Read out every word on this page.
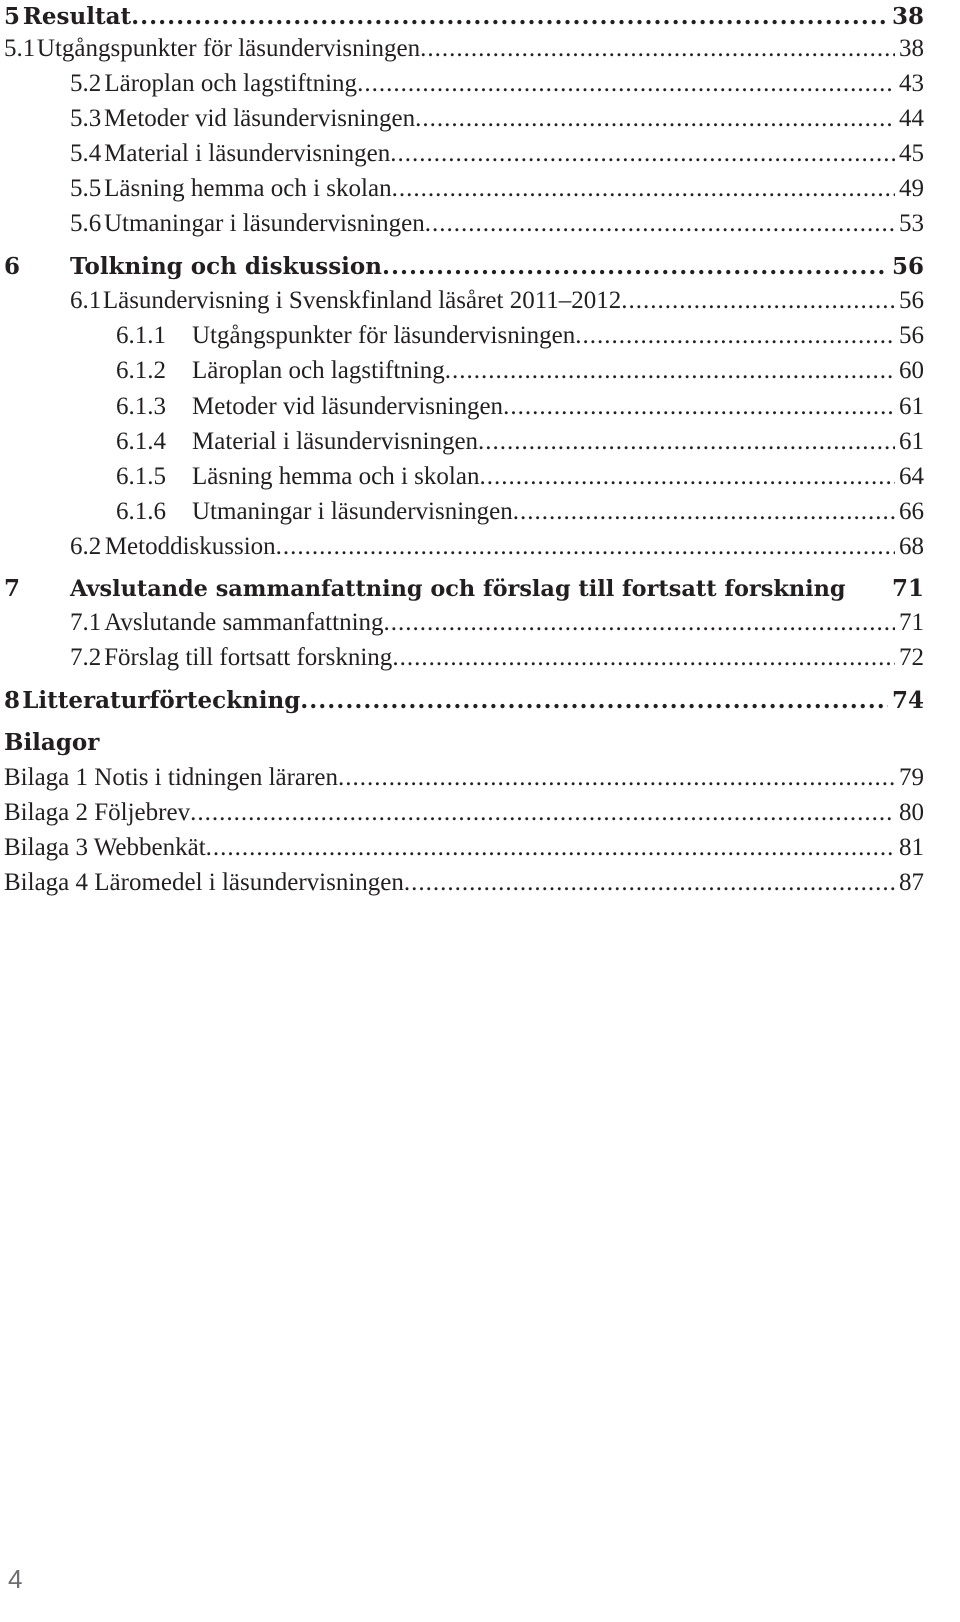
5 Resultat .....	38
5.1 Utgångspunkter för läsundervisningen .....	38
5.2 Läroplan och lagstiftning .....	43
5.3 Metoder vid läsundervisningen .....	44
5.4 Material i läsundervisningen .....	45
5.5 Läsning hemma och i skolan .....	49
5.6 Utmaningar i läsundervisningen .....	53
6	Tolkning och diskussion .....	56
6.1 Läsundervisning i Svenskfinland läsåret 2011–2012 .....	56
6.1.1	Utgångspunkter för läsundervisningen .....	56
6.1.2	Läroplan och lagstiftning .....	60
6.1.3	Metoder vid läsundervisningen .....	61
6.1.4	Material i läsundervisningen .....	61
6.1.5	Läsning hemma och i skolan .....	64
6.1.6	Utmaningar i läsundervisningen .....	66
6.2 Metoddiskussion .....	68
7	Avslutande sammanfattning och förslag till fortsatt forskning 71
7.1 Avslutande sammanfattning .....	71
7.2 Förslag till fortsatt forskning .....	72
8 Litteraturförteckning .....	74
Bilagor
Bilaga 1 Notis i tidningen läraren .....	79
Bilaga 2 Följebrev .....	80
Bilaga 3 Webbenkät .....	81
Bilaga 4 Läromedel i läsundervisningen .....	87
4
